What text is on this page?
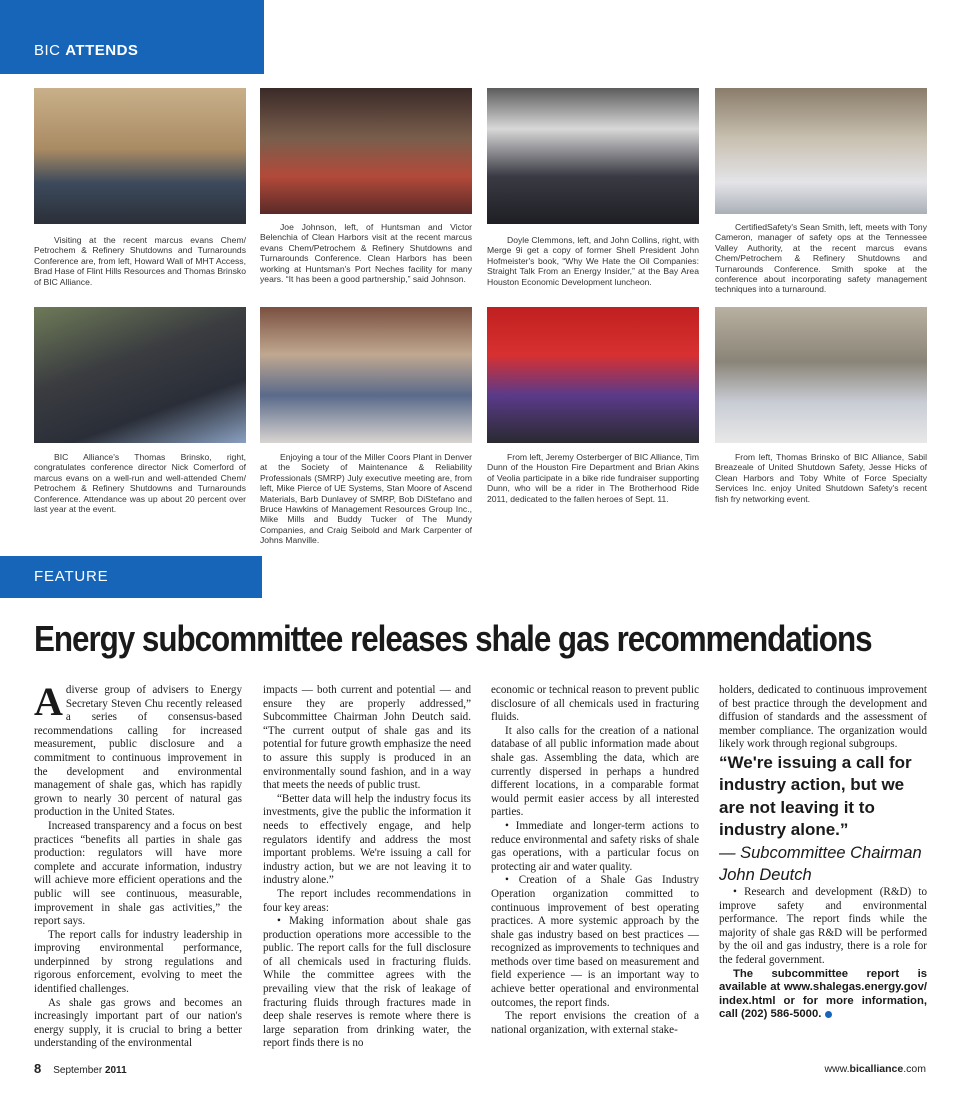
BIC ATTENDS
Visiting at the recent marcus evans Chem/ Petrochem & Refinery Shutdowns and Turnarounds Conference are, from left, Howard Wall of MHT Access, Brad Hase of Flint Hills Resources and Thomas Brinsko of BIC Alliance.
Joe Johnson, left, of Huntsman and Victor Belenchia of Clean Harbors visit at the recent marcus evans Chem/Petrochem & Refinery Shutdowns and Turnarounds Conference. Clean Harbors has been working at Huntsman's Port Neches facility for many years. “It has been a good partnership,” said Johnson.
Doyle Clemmons, left, and John Collins, right, with Merge 9i get a copy of former Shell President John Hofmeister's book, “Why We Hate the Oil Companies: Straight Talk From an Energy Insider,” at the Bay Area Houston Economic Development luncheon.
CertifiedSafety's Sean Smith, left, meets with Tony Cameron, manager of safety ops at the Tennessee Valley Authority, at the recent marcus evans Chem/Petrochem & Refinery Shutdowns and Turnarounds Conference. Smith spoke at the conference about incorporating safety management techniques into a turnaround.
BIC Alliance's Thomas Brinsko, right, congratulates conference director Nick Comerford of marcus evans on a well-run and well-attended Chem/ Petrochem & Refinery Shutdowns and Turnarounds Conference. Attendance was up about 20 percent over last year at the event.
Enjoying a tour of the Miller Coors Plant in Denver at the Society of Maintenance & Reliability Professionals (SMRP) July executive meeting are, from left, Mike Pierce of UE Systems, Stan Moore of Ascend Materials, Barb Dunlavey of SMRP, Bob DiStefano and Bruce Hawkins of Management Resources Group Inc., Mike Mills and Buddy Tucker of The Mundy Companies, and Craig Seibold and Mark Carpenter of Johns Manville.
From left, Jeremy Osterberger of BIC Alliance, Tim Dunn of the Houston Fire Department and Brian Akins of Veolia participate in a bike ride fundraiser supporting Dunn, who will be a rider in The Brotherhood Ride 2011, dedicated to the fallen heroes of Sept. 11.
From left, Thomas Brinsko of BIC Alliance, Sabil Breazeale of United Shutdown Safety, Jesse Hicks of Clean Harbors and Toby White of Force Specialty Services Inc. enjoy United Shutdown Safety's recent fish fry networking event.
FEATURE
Energy subcommittee releases shale gas recommendations

Adiverse group of advisers to Energy Secretary Steven Chu recently released a series of consensus-based recommendations calling for increased measurement, public disclosure and a commitment to continuous improvement in the development and environmental management of shale gas, which has rapidly grown to nearly 30 percent of natural gas production in the United States.

Increased transparency and a focus on best practices “benefits all parties in shale gas production: regulators will have more complete and accurate information, industry will achieve more efficient operations and the public will see continuous, measurable, improvement in shale gas activities,” the report says.

The report calls for industry leadership in improving environmental performance, underpinned by strong regulations and rigorous enforcement, evolving to meet the identified challenges.

As shale gas grows and becomes an increasingly important part of our nation's energy supply, it is crucial to bring a better understanding of the environmental

impacts — both current and potential — and ensure they are properly addressed,” Subcommittee Chairman John Deutch said. “The current output of shale gas and its potential for future growth emphasize the need to assure this supply is produced in an environmentally sound fashion, and in a way that meets the needs of public trust.

“Better data will help the industry focus its investments, give the public the information it needs to effectively engage, and help regulators identify and address the most important problems. We're issuing a call for industry action, but we are not leaving it to industry alone.”

The report includes recommendations in four key areas:

• Making information about shale gas production operations more accessible to the public. The report calls for the full disclosure of all chemicals used in fracturing fluids. While the committee agrees with the prevailing view that the risk of leakage of fracturing fluids through fractures made in deep shale reserves is remote where there is large separation from drinking water, the report finds there is no

economic or technical reason to prevent public disclosure of all chemicals used in fracturing fluids.

It also calls for the creation of a national database of all public information made about shale gas. Assembling the data, which are currently dispersed in perhaps a hundred different locations, in a comparable format would permit easier access by all interested parties.

• Immediate and longer-term actions to reduce environmental and safety risks of shale gas operations, with a particular focus on protecting air and water quality.

• Creation of a Shale Gas Industry Operation organization committed to continuous improvement of best operating practices. A more systemic approach by the shale gas industry based on best practices — recognized as improvements to techniques and methods over time based on measurement and field experience — is an important way to achieve better operational and environmental outcomes, the report finds.

The report envisions the creation of a national organization, with external stake-

holders, dedicated to continuous improvement of best practice through the development and diffusion of standards and the assessment of member compliance. The organization would likely work through regional subgroups.

“We're issuing a call for industry action, but we are not leaving it to industry alone.”

— Subcommittee Chairman John Deutch

• Research and development (R&D) to improve safety and environmental performance. The report finds while the majority of shale gas R&D will be performed by the oil and gas industry, there is a role for the federal government.

The subcommittee report is available at www.shalegas.energy.gov/ index.html or for more information, call (202) 586-5000.

8 September 2011	www.bicalliance.com
